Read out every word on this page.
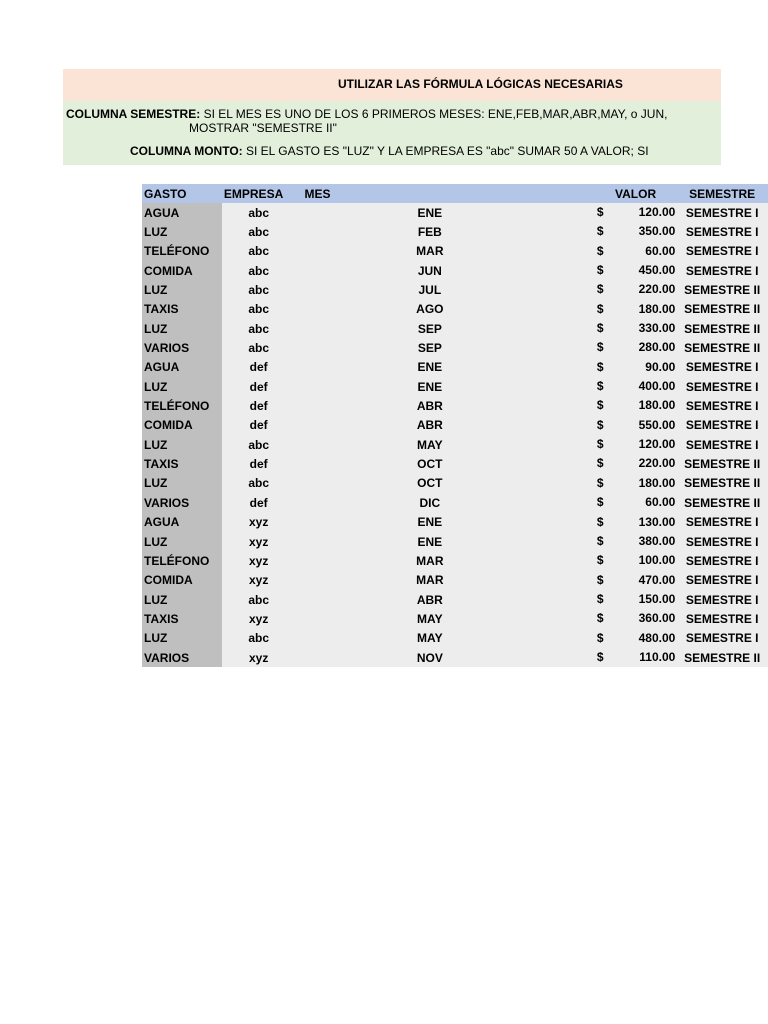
UTILIZAR LAS FÓRMULA LÓGICAS NECESARIAS
COLUMNA SEMESTRE: SI EL MES ES UNO DE LOS 6 PRIMEROS MESES: ENE,FEB,MAR,ABR,MAY, o JUN,
MOSTRAR "SEMESTRE II"
COLUMNA MONTO: SI EL GASTO ES "LUZ" Y LA EMPRESA ES "abc" SUMAR 50 A VALOR; SI
GASTO	EMPRESA	MES	VALOR	SEMESTRE
AGUA	abc	ENE	$ 120.00	SEMESTRE I
LUZ	abc	FEB	$ 350.00	SEMESTRE I
TELÉFONO	abc	MAR	$ 60.00	SEMESTRE I
COMIDA	abc	JUN	$ 450.00	SEMESTRE I
LUZ	abc	JUL	$ 220.00	SEMESTRE II
TAXIS	abc	AGO	$ 180.00	SEMESTRE II
LUZ	abc	SEP	$ 330.00	SEMESTRE II
VARIOS	abc	SEP	$ 280.00	SEMESTRE II
AGUA	def	ENE	$ 90.00	SEMESTRE I
LUZ	def	ENE	$ 400.00	SEMESTRE I
TELÉFONO	def	ABR	$ 180.00	SEMESTRE I
COMIDA	def	ABR	$ 550.00	SEMESTRE I
LUZ	abc	MAY	$ 120.00	SEMESTRE I
TAXIS	def	OCT	$ 220.00	SEMESTRE II
LUZ	abc	OCT	$ 180.00	SEMESTRE II
VARIOS	def	DIC	$ 60.00	SEMESTRE II
AGUA	xyz	ENE	$ 130.00	SEMESTRE I
LUZ	xyz	ENE	$ 380.00	SEMESTRE I
TELÉFONO	xyz	MAR	$ 100.00	SEMESTRE I
COMIDA	xyz	MAR	$ 470.00	SEMESTRE I
LUZ	abc	ABR	$ 150.00	SEMESTRE I
TAXIS	xyz	MAY	$ 360.00	SEMESTRE I
LUZ	abc	MAY	$ 480.00	SEMESTRE I
VARIOS	xyz	NOV	$ 110.00	SEMESTRE II
